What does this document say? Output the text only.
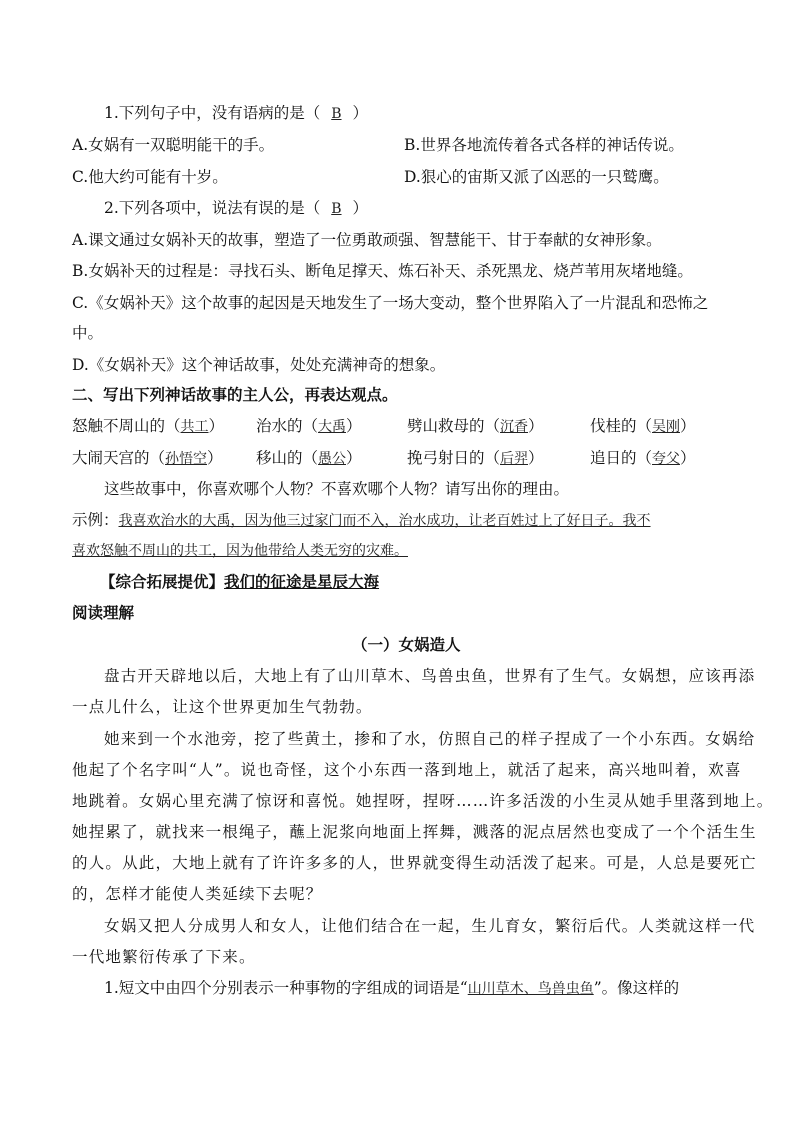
1.下列句子中，没有语病的是（ B ）
A.女娲有一双聪明能干的手。	B.世界各地流传着各式各样的神话传说。
C.他大约可能有十岁。	D.狠心的宙斯又派了凶恶的一只鹫鹰。
2.下列各项中，说法有误的是（ B ）
A.课文通过女娲补天的故事，塑造了一位勇敢顽强、智慧能干、甘于奉献的女神形象。
B.女娲补天的过程是：寻找石头、断龟足撑天、炼石补天、杀死黑龙、烧芦苇用灰堵地缝。
C.《女娲补天》这个故事的起因是天地发生了一场大变动，整个世界陷入了一片混乱和恐怖之
中。
D.《女娲补天》这个神话故事，处处充满神奇的想象。
二、写出下列神话故事的主人公，再表达观点。
怒触不周山的（共工） 治水的（大禹）	劈山救母的（沉香）	伐桂的（吴刚）
大闹天宫的（孙悟空） 移山的（愚公）	挽弓射日的（后羿）	追日的（夸父）
这些故事中，你喜欢哪个人物？不喜欢哪个人物？请写出你的理由。
示例：我喜欢治水的大禹，因为他三过家门而不入，治水成功，让老百姓过上了好日子。我不
喜欢怒触不周山的共工，因为他带给人类无穷的灾难。
【综合拓展提优】我们的征途是星辰大海
阅读理解
（一）女娲造人
盘古开天辟地以后，大地上有了山川草木、鸟兽虫鱼，世界有了生气。女娲想，应该再添
一点儿什么，让这个世界更加生气勃勃。
她来到一个水池旁，挖了些黄土，掺和了水，仿照自己的样子捏成了一个小东西。女娲给
他起了个名字叫“人”。说也奇怪，这个小东西一落到地上，就活了起来，高兴地叫着，欢喜
地跳着。女娲心里充满了惊讶和喜悦。她捏呀，捏呀……许多活泼的小生灵从她手里落到地上。
她捏累了，就找来一根绳子，蘸上泥浆向地面上挥舞，溅落的泥点居然也变成了一个个活生生
的人。从此，大地上就有了许许多多的人，世界就变得生动活泼了起来。可是，人总是要死亡
的，怎样才能使人类延续下去呢？
女娲又把人分成男人和女人，让他们结合在一起，生儿育女，繁衍后代。人类就这样一代
一代地繁衍传承了下来。
1.短文中由四个分别表示一种事物的字组成的词语是“山川草木、鸟兽虫鱼”。像这样的
